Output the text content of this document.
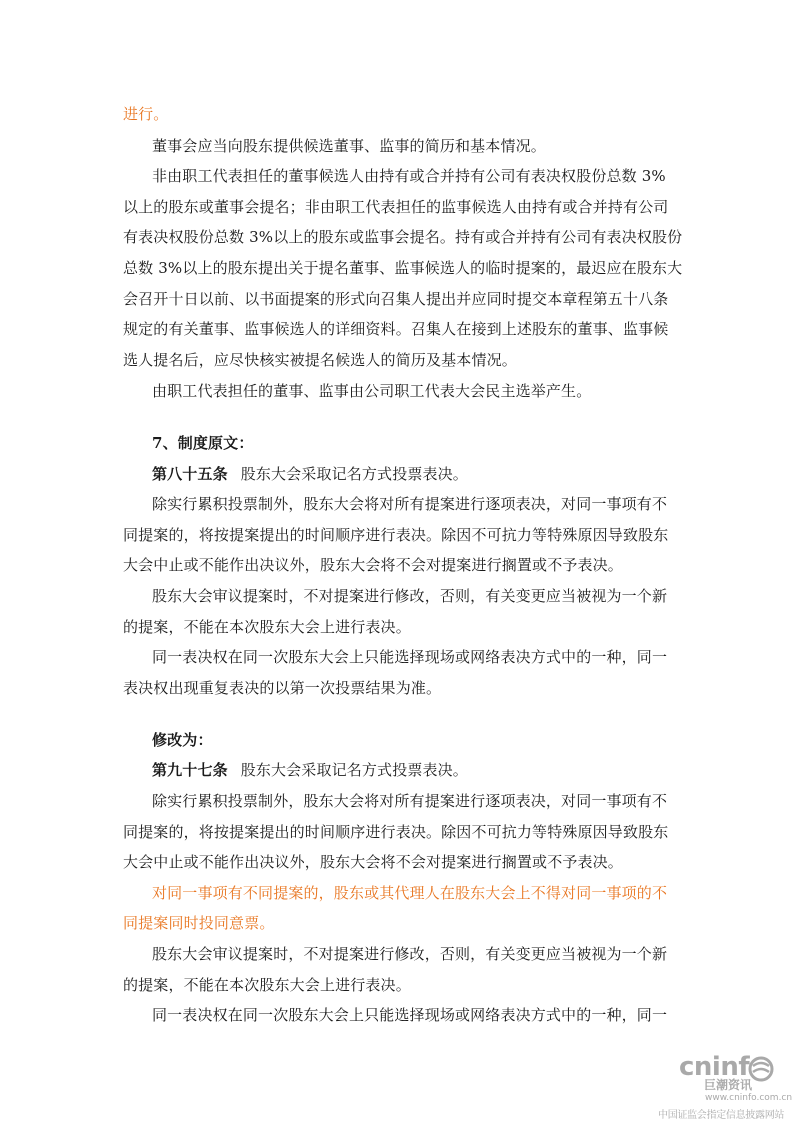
进行。
董事会应当向股东提供候选董事、监事的简历和基本情况。
非由职工代表担任的董事候选人由持有或合并持有公司有表决权股份总数 3%
以上的股东或董事会提名；非由职工代表担任的监事候选人由持有或合并持有公司
有表决权股份总数 3%以上的股东或监事会提名。持有或合并持有公司有表决权股份
总数 3%以上的股东提出关于提名董事、监事候选人的临时提案的，最迟应在股东大
会召开十日以前、以书面提案的形式向召集人提出并应同时提交本章程第五十八条
规定的有关董事、监事候选人的详细资料。召集人在接到上述股东的董事、监事候
选人提名后，应尽快核实被提名候选人的简历及基本情况。
由职工代表担任的董事、监事由公司职工代表大会民主选举产生。
7、制度原文：
第八十五条 股东大会采取记名方式投票表决。
除实行累积投票制外，股东大会将对所有提案进行逐项表决，对同一事项有不
同提案的，将按提案提出的时间顺序进行表决。除因不可抗力等特殊原因导致股东
大会中止或不能作出决议外，股东大会将不会对提案进行搁置或不予表决。
股东大会审议提案时，不对提案进行修改，否则，有关变更应当被视为一个新
的提案，不能在本次股东大会上进行表决。
同一表决权在同一次股东大会上只能选择现场或网络表决方式中的一种，同一
表决权出现重复表决的以第一次投票结果为准。
修改为：
第九十七条 股东大会采取记名方式投票表决。
除实行累积投票制外，股东大会将对所有提案进行逐项表决，对同一事项有不
同提案的，将按提案提出的时间顺序进行表决。除因不可抗力等特殊原因导致股东
大会中止或不能作出决议外，股东大会将不会对提案进行搁置或不予表决。
对同一事项有不同提案的，股东或其代理人在股东大会上不得对同一事项的不
同提案同时投同意票。
股东大会审议提案时，不对提案进行修改，否则，有关变更应当被视为一个新
的提案，不能在本次股东大会上进行表决。
同一表决权在同一次股东大会上只能选择现场或网络表决方式中的一种，同一
cninf
巨潮资讯
www.cninfo.com.cn
中国证监会指定信息披露网站
